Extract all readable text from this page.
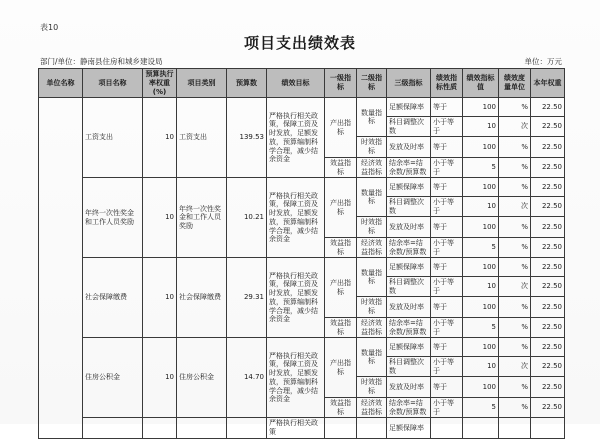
表10
项目支出绩效表
部门/单位：静南县住房和城乡建设局	单位：万元
单位名称	项目名称	预算执行率权重(%)	项目类别	预算数	绩效目标	一级指标	二级指标	三级指标	绩效指标性质	绩效指标值	绩效度量单位	本年权重
	工资支出	10	工资支出	139.53	严格执行相关政策，保障工资及时发放，足额发放，预算编制科学合理，减少结余资金	产出指标	数量指标	足额保障率	等于	100	%	22.50
								科目调整次数	小于等于	10	次	22.50
							时效指标	发放及时率	等于	100	%	22.50
						效益指标	经济效益指标	结余率=结余数/预算数	小于等于	5	%	22.50
	年终一次性奖金和工作人员奖励	10	年终一次性奖金和工作人员奖励	10.21	严格执行相关政策，保障工资及时发放，足额发放，预算编制科学合理，减少结余资金	产出指标	数量指标	足额保障率	等于	100	%	22.50
								科目调整次数	小于等于	10	次	22.50
							时效指标	发放及时率	等于	100	%	22.50
						效益指标	经济效益指标	结余率=结余数/预算数	小于等于	5	%	22.50
	社会保障缴费	10	社会保障缴费	29.31	严格执行相关政策，保障工资及时发放，足额发放，预算编制科学合理，减少结余资金	产出指标	数量指标	足额保障率	等于	100	%	22.50
								科目调整次数	小于等于	10	次	22.50
							时效指标	发放及时率	等于	100	%	22.50
						效益指标	经济效益指标	结余率=结余数/预算数	小于等于	5	%	22.50
	住房公积金	10	住房公积金	14.70	严格执行相关政策，保障工资及时发放，足额发放，预算编制科学合理，减少结余资金	产出指标	数量指标	足额保障率	等于	100	%	22.50
								科目调整次数	小于等于	10	次	22.50
							时效指标	发放及时率	等于	100	%	22.50
						效益指标	经济效益指标	结余率=结余数/预算数	小于等于	5	%	22.50
					严格执行相关政策			足额保障率				
